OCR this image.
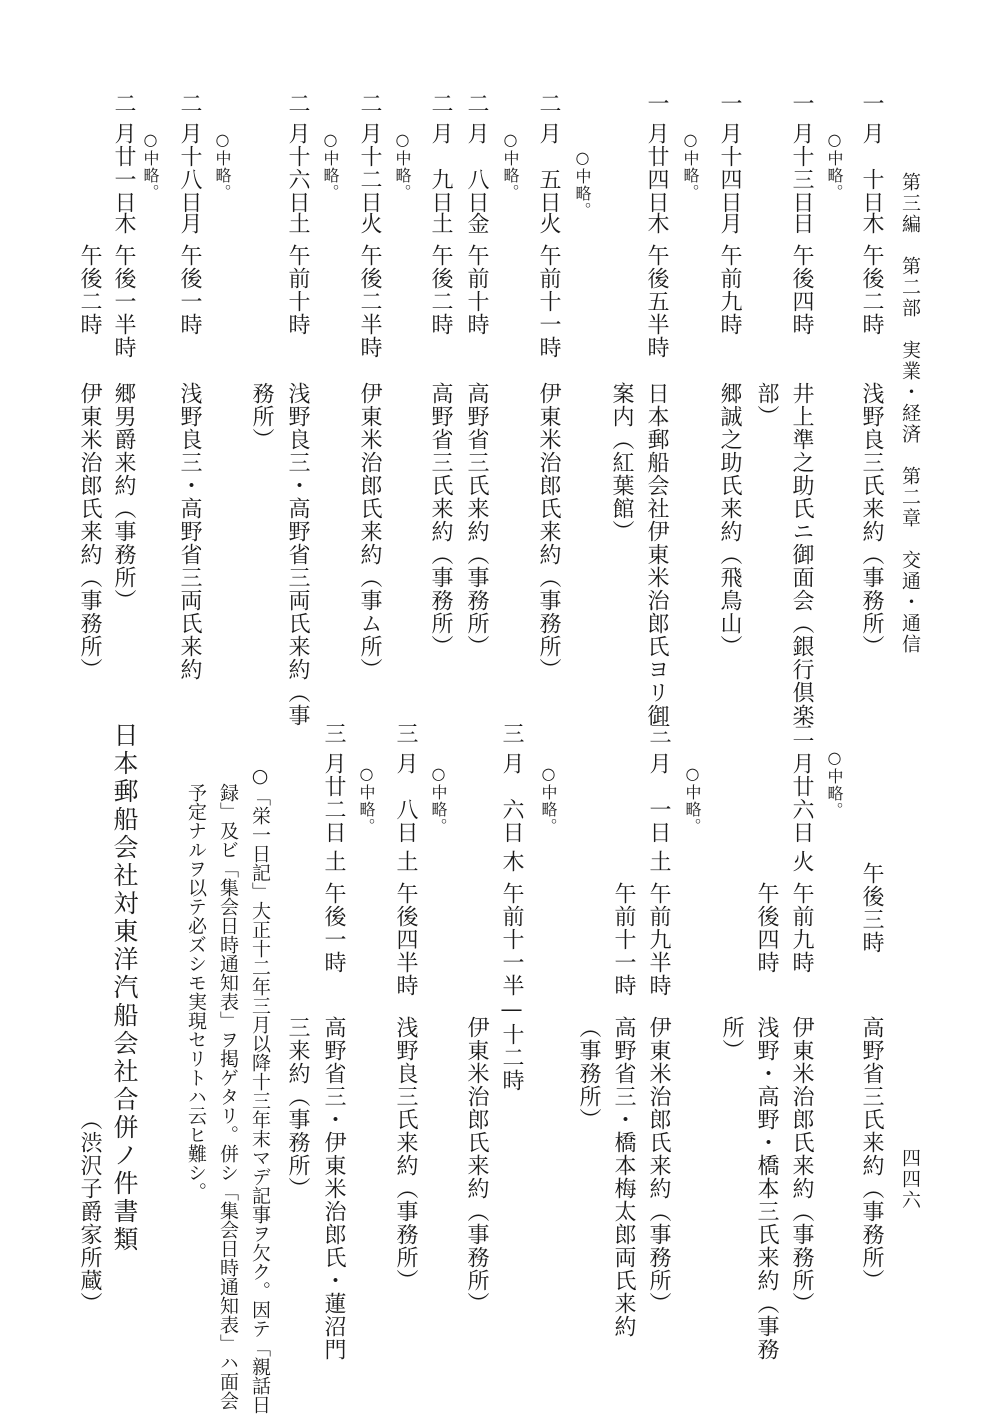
第三編　第二部　実業・経済　第二章　交通・通信
四四六
一
月　十日
木
午後二時
浅野良三氏来約（事務所）
○中略。
一
月十三日
日
午後四時
井上準之助氏ニ御面会（銀行倶楽
部）
一
月十四日
月
午前九時
郷誠之助氏来約（飛鳥山）
○中略。
一
月廿四日
木
午後五半時
日本郵船会社伊東米治郎氏ヨリ御
案内（紅葉館）
○中略。
二
月　五日
火
午前十一時
伊東米治郎氏来約（事務所）
○中略。
二
月　八日
金
午前十時
高野省三氏来約（事務所）
二
月　九日
土
午後二時
高野省三氏来約（事務所）
○中略。
二
月十二日
火
午後二半時
伊東米治郎氏来約（事ム所）
○中略。
二
月十六日
土
午前十時
浅野良三・高野省三両氏来約（事
務所）
○中略。
二
月十八日
月
午後一時
浅野良三・高野省三両氏来約
○中略。
二
月廿一日
木
午後一半時
郷男爵来約（事務所）
午後二時
伊東米治郎氏来約（事務所）
午後三時
高野省三氏来約（事務所）
○中略。
二
月廿六日
火
午前九時
伊東米治郎氏来約（事務所）
午後四時
浅野・高野・橋本三氏来約（事務
所）
○中略。
三
月　一日
土
午前九半時
伊東米治郎氏来約（事務所）
午前十一時
高野省三・橋本梅太郎両氏来約
（事務所）
○中略。
三
月　六日
木
午前十一半—十二時
伊東米治郎氏来約（事務所）
○中略。
三
月　八日
土
午後四半時
浅野良三氏来約（事務所）
○中略。
三
月廿二日
土
午後一時
高野省三・伊東米治郎氏・蓮沼門
三来約（事務所）
○「栄一日記」大正十二年三月以降十三年末マデ記事ヲ欠ク。因テ「親話日
録」及ビ「集会日時通知表」ヲ掲ゲタリ。併シ「集会日時通知表」ハ面会
予定ナルヲ以テ必ズシモ実現セリトハ云ヒ難シ。
日本郵船会社対東洋汽船会社合併ノ件書類
（渋沢子爵家所蔵）
